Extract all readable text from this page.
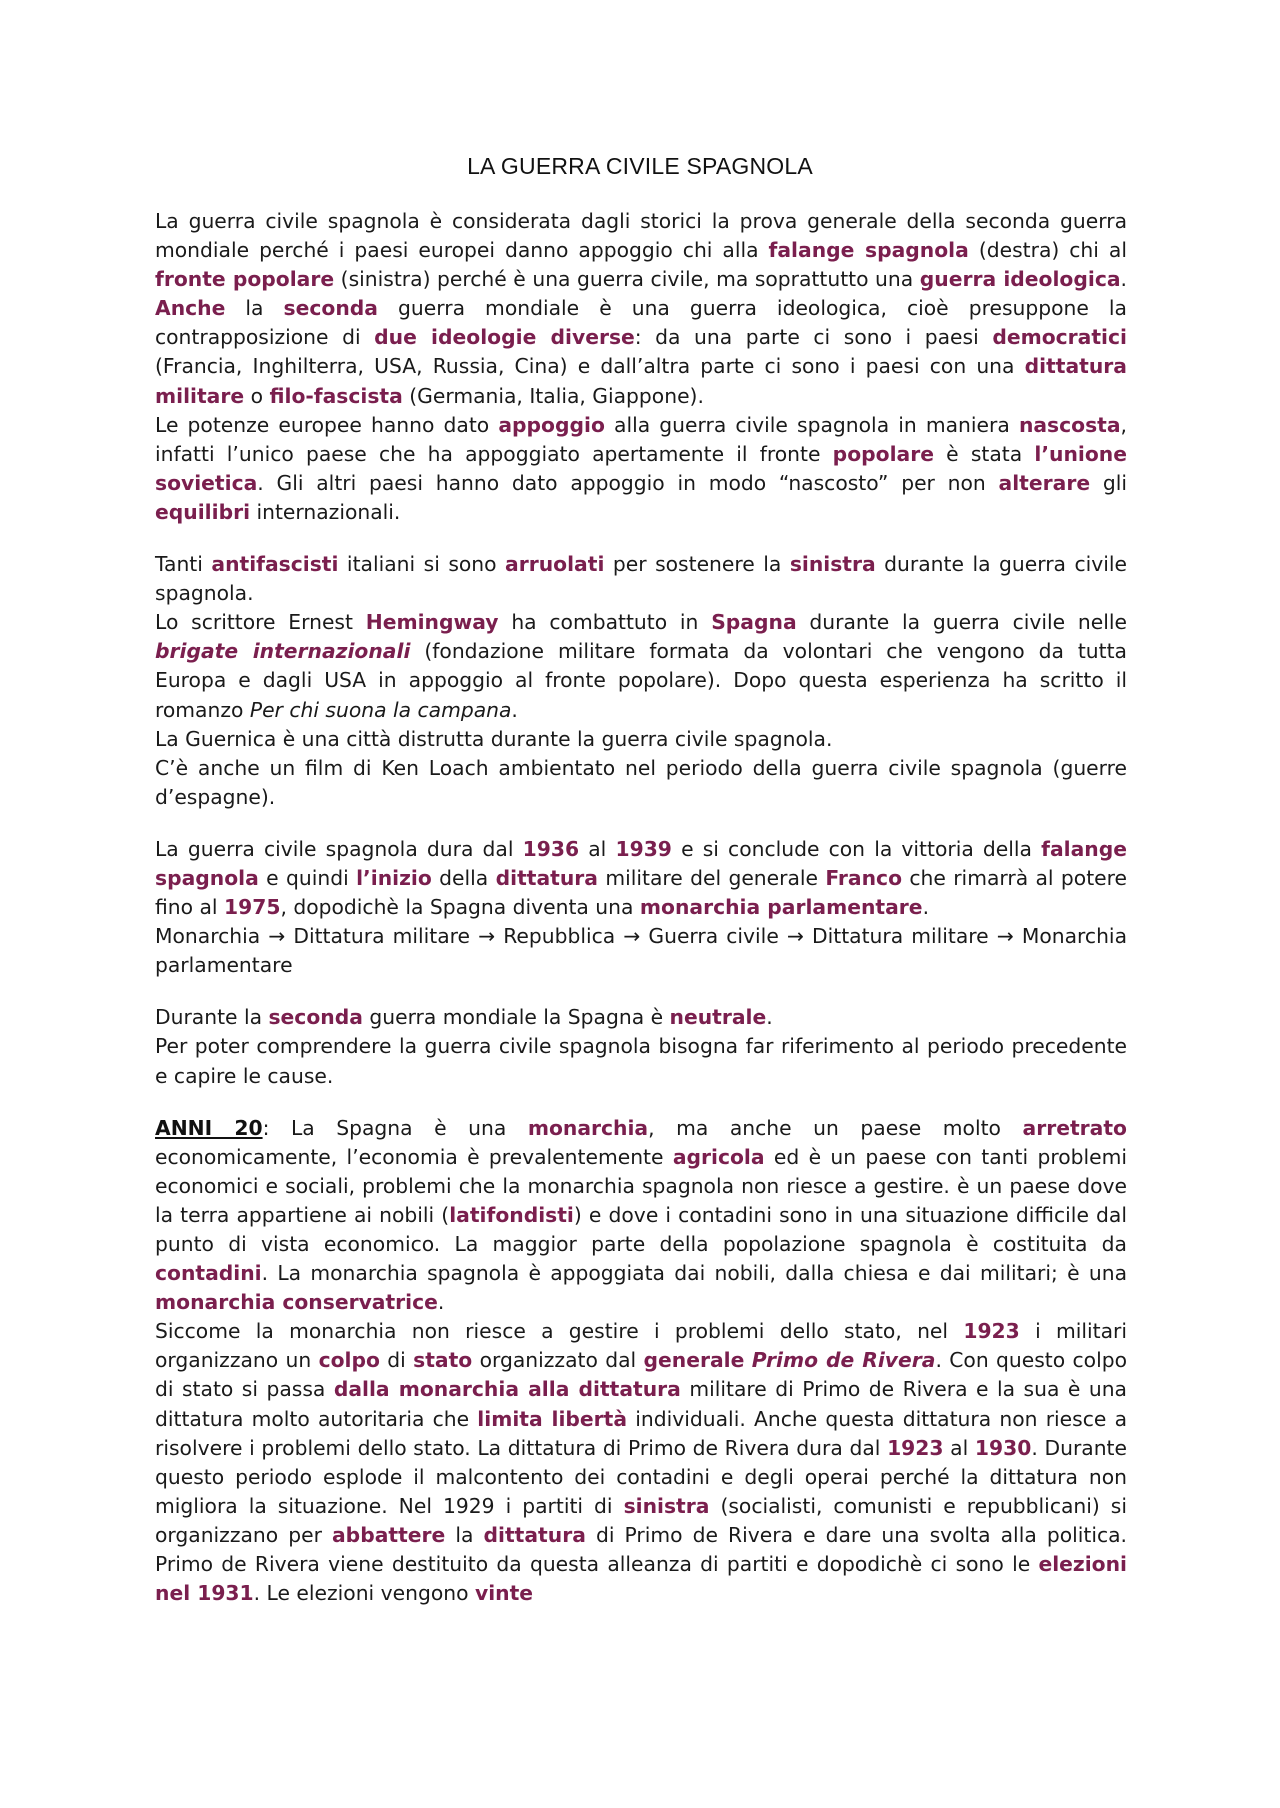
LA GUERRA CIVILE SPAGNOLA

La guerra civile spagnola è considerata dagli storici la prova generale della seconda guerra mondiale perché i paesi europei danno appoggio chi alla falange spagnola (destra) chi al fronte popolare (sinistra) perché è una guerra civile, ma soprattutto una guerra ideologica. Anche la seconda guerra mondiale è una guerra ideologica, cioè presuppone la contrapposizione di due ideologie diverse: da una parte ci sono i paesi democratici (Francia, Inghilterra, USA, Russia, Cina) e dall’altra parte ci sono i paesi con una dittatura militare o filo-fascista (Germania, Italia, Giappone).

Le potenze europee hanno dato appoggio alla guerra civile spagnola in maniera nascosta, infatti l’unico paese che ha appoggiato apertamente il fronte popolare è stata l’unione sovietica. Gli altri paesi hanno dato appoggio in modo “nascosto” per non alterare gli equilibri internazionali.

Tanti antifascisti italiani si sono arruolati per sostenere la sinistra durante la guerra civile spagnola.

Lo scrittore Ernest Hemingway ha combattuto in Spagna durante la guerra civile nelle brigate internazionali (fondazione militare formata da volontari che vengono da tutta Europa e dagli USA in appoggio al fronte popolare). Dopo questa esperienza ha scritto il romanzo Per chi suona la campana.

La Guernica è una città distrutta durante la guerra civile spagnola.

C’è anche un film di Ken Loach ambientato nel periodo della guerra civile spagnola (guerre d’espagne).

La guerra civile spagnola dura dal 1936 al 1939 e si conclude con la vittoria della falange spagnola e quindi l’inizio della dittatura militare del generale Franco che rimarrà al potere fino al 1975, dopodichè la Spagna diventa una monarchia parlamentare.

Monarchia → Dittatura militare → Repubblica → Guerra civile → Dittatura militare → Monarchia parlamentare

Durante la seconda guerra mondiale la Spagna è neutrale.

Per poter comprendere la guerra civile spagnola bisogna far riferimento al periodo precedente e capire le cause.

ANNI 20: La Spagna è una monarchia, ma anche un paese molto arretrato economicamente, l’economia è prevalentemente agricola ed è un paese con tanti problemi economici e sociali, problemi che la monarchia spagnola non riesce a gestire. è un paese dove la terra appartiene ai nobili (latifondisti) e dove i contadini sono in una situazione difficile dal punto di vista economico. La maggior parte della popolazione spagnola è costituita da contadini. La monarchia spagnola è appoggiata dai nobili, dalla chiesa e dai militari; è una monarchia conservatrice.

Siccome la monarchia non riesce a gestire i problemi dello stato, nel 1923 i militari organizzano un colpo di stato organizzato dal generale Primo de Rivera. Con questo colpo di stato si passa dalla monarchia alla dittatura militare di Primo de Rivera e la sua è una dittatura molto autoritaria che limita libertà individuali. Anche questa dittatura non riesce a risolvere i problemi dello stato. La dittatura di Primo de Rivera dura dal 1923 al 1930. Durante questo periodo esplode il malcontento dei contadini e degli operai perché la dittatura non migliora la situazione. Nel 1929 i partiti di sinistra (socialisti, comunisti e repubblicani) si organizzano per abbattere la dittatura di Primo de Rivera e dare una svolta alla politica. Primo de Rivera viene destituito da questa alleanza di partiti e dopodichè ci sono le elezioni nel 1931. Le elezioni vengono vinte
